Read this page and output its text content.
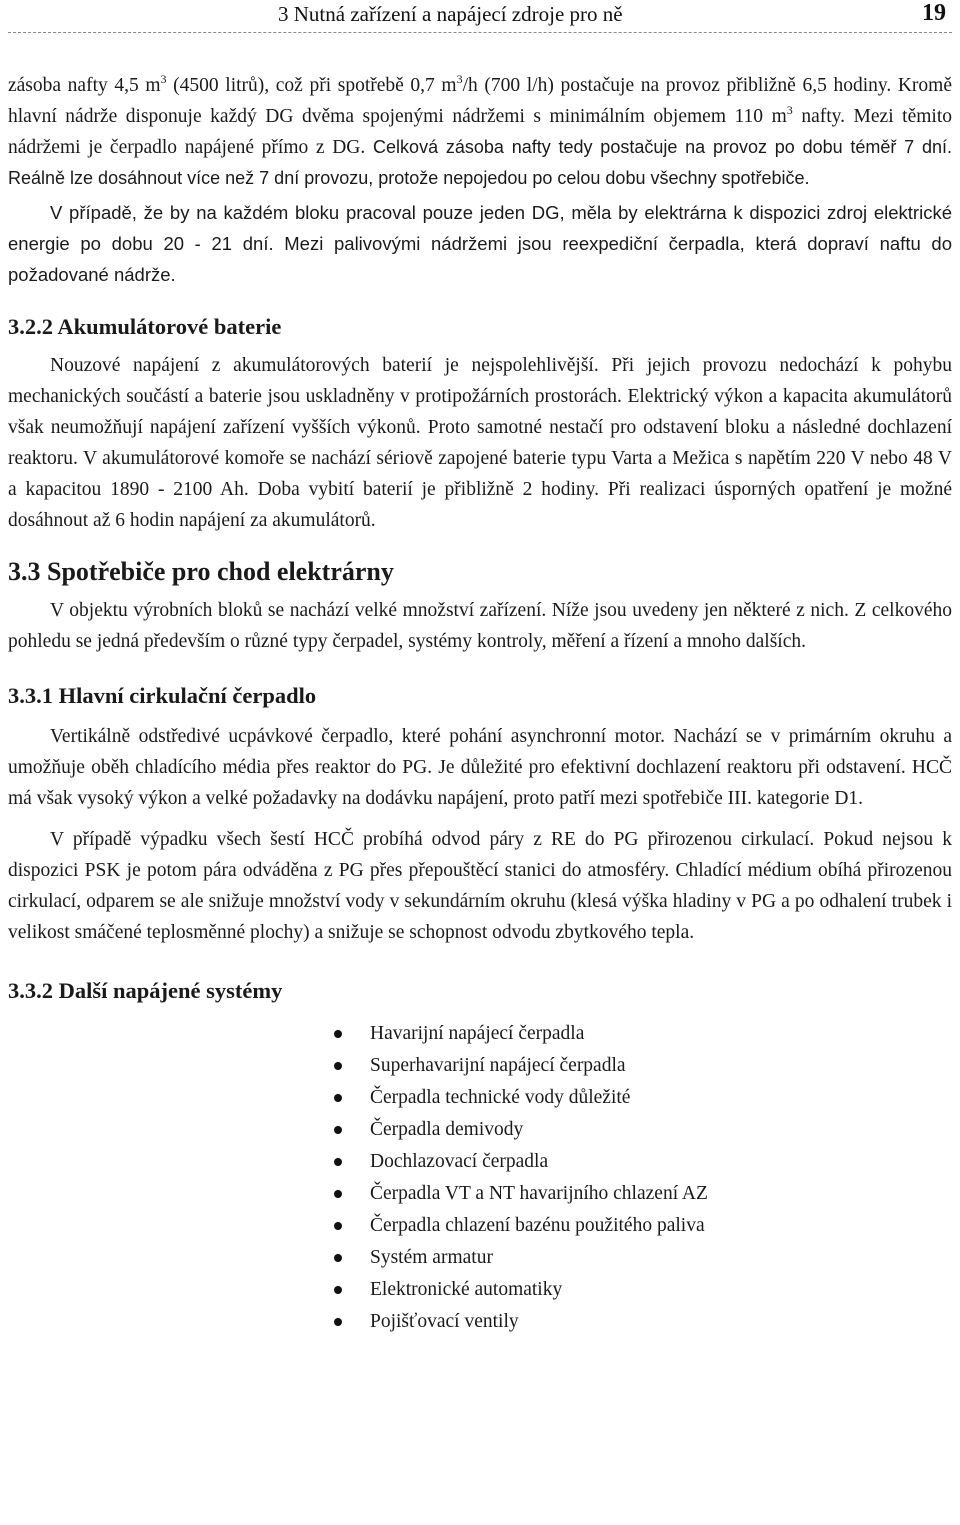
3 Nutná zařízení a napájecí zdroje pro ně	19

zásoba nafty 4,5 $m^3$ (4500 litrů), což při spotřebě 0,7 $m^3/h$ (700 l/h) postačuje na provoz přibližně 6,5 hodiny. Kromě hlavní nádrže disponuje každý DG dvěma spojenými nádržemi s minimálním objemem 110 $m^3$ nafty. Mezi těmito nádržemi je čerpadlo napájené přímo z DG. Celková zásoba nafty tedy postačuje na provoz po dobu téměř 7 dní. Reálně lze dosáhnout více než 7 dní provozu, protože nepojedou po celou dobu všechny spotřebiče.

V případě, že by na každém bloku pracoval pouze jeden DG, měla by elektrárna k dispozici zdroj elektrické energie po dobu 20 - 21 dní. Mezi palivovými nádržemi jsou reexpediční čerpadla, která dopraví naftu do požadované nádrže.

3.2.2 Akumulátorové baterie

Nouzové napájení z akumulátorových baterií je nejspolehlivější. Při jejich provozu nedochází k pohybu mechanických součástí a baterie jsou uskladněny v protipožárních prostorách. Elektrický výkon a kapacita akumulátorů však neumožňují napájení zařízení vyšších výkonů. Proto samotné nestačí pro odstavení bloku a následné dochlazení reaktoru. V akumulátorové komoře se nachází sériově zapojené baterie typu Varta a Mežica s napětím 220 V nebo 48 V a kapacitou 1890 - 2100 Ah. Doba vybití baterií je přibližně 2 hodiny. Při realizaci úsporných opatření je možné dosáhnout až 6 hodin napájení za akumulátorů.

3.3 Spotřebiče pro chod elektrárny

V objektu výrobních bloků se nachází velké množství zařízení. Níže jsou uvedeny jen některé z nich. Z celkového pohledu se jedná především o různé typy čerpadel, systémy kontroly, měření a řízení a mnoho dalších.

3.3.1 Hlavní cirkulační čerpadlo

Vertikálně odstředivé ucpávkové čerpadlo, které pohání asynchronní motor. Nachází se v primárním okruhu a umožňuje oběh chladícího média přes reaktor do PG. Je důležité pro efektivní dochlazení reaktoru při odstavení. HCČ má však vysoký výkon a velké požadavky na dodávku napájení, proto patří mezi spotřebiče III. kategorie D1.

V případě výpadku všech šestí HCČ probíhá odvod páry z RE do PG přirozenou cirkulací. Pokud nejsou k dispozici PSK je potom pára odváděna z PG přes přepouštěcí stanici do atmosféry. Chladící médium obíhá přirozenou cirkulací, odparem se ale snižuje množství vody v sekundárním okruhu (klesá výška hladiny v PG a po odhalení trubek i velikost smáčené teplosměnné plochy) a snižuje se schopnost odvodu zbytkového tepla.

3.3.2 Další napájené systémy
Havarijní napájecí čerpadla
Superhavarijní napájecí čerpadla
Čerpadla technické vody důležité
Čerpadla demivody
Dochlazovací čerpadla
Čerpadla VT a NT havarijního chlazení AZ
Čerpadla chlazení bazénu použitého paliva
Systém armatur
Elektronické automatiky
Pojišťovací ventily
